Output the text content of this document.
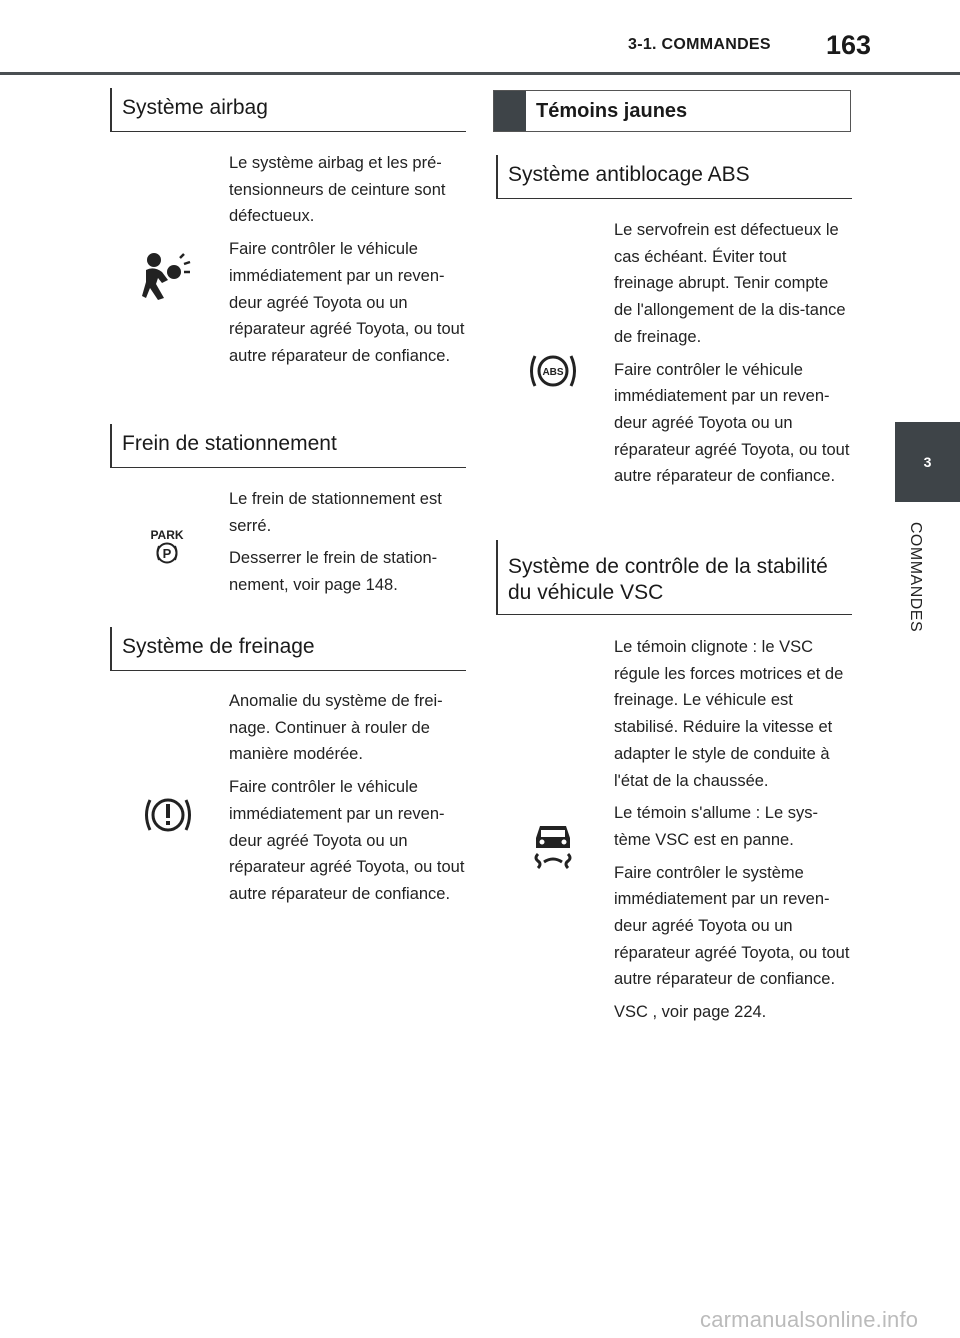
3-1. COMMANDES 163
3
COMMANDES
Système airbag

Le système airbag et les pré-tensionneurs de ceinture sont défectueux.

Faire contrôler le véhicule immédiatement par un reven-deur agréé Toyota ou un réparateur agréé Toyota, ou tout autre réparateur de confiance.

Frein de stationnement
PARK
P

Le frein de stationnement est serré.

Desserrer le frein de station-nement, voir page 148.

Système de freinage

Anomalie du système de frei-nage. Continuer à rouler de manière modérée.

Faire contrôler le véhicule immédiatement par un reven-deur agréé Toyota ou un réparateur agréé Toyota, ou tout autre réparateur de confiance.

Témoins jaunes
Système antiblocage ABS
ABS

Le servofrein est défectueux le cas échéant. Éviter tout freinage abrupt. Tenir compte de l'allongement de la dis-tance de freinage.

Faire contrôler le véhicule immédiatement par un reven-deur agréé Toyota ou un réparateur agréé Toyota, ou tout autre réparateur de confiance.

Système de contrôle de la stabilité
du véhicule VSC

Le témoin clignote : le VSC régule les forces motrices et de freinage. Le véhicule est stabilisé. Réduire la vitesse et adapter le style de conduite à l'état de la chaussée.

Le témoin s'allume : Le sys-tème VSC est en panne.

Faire contrôler le système immédiatement par un reven-deur agréé Toyota ou un réparateur agréé Toyota, ou tout autre réparateur de confiance.

VSC , voir page 224.

carmanualsonline.info
